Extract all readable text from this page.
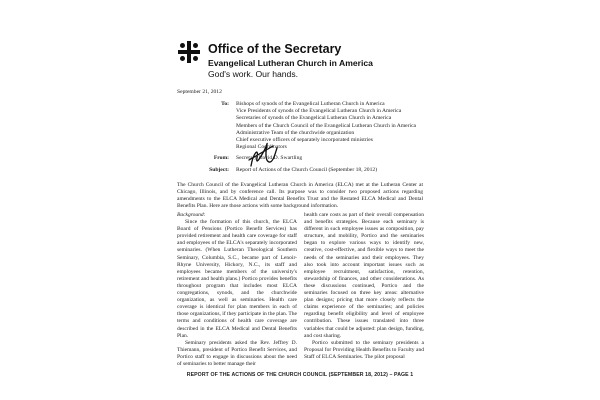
Office of the Secretary
Evangelical Lutheran Church in America
God's work. Our hands.
September 21, 2012
To: Bishops of synods of the Evangelical Lutheran Church in America
Vice Presidents of synods of the Evangelical Lutheran Church in America
Secretaries of synods of the Evangelical Lutheran Church in America
Members of the Church Council of the Evangelical Lutheran Church in America
Administrative Team of the churchwide organization
Chief executive officers of separately incorporated ministries
Regional Coordinators
From: Secretary David D. Swartling
Subject: Report of Actions of the Church Council (September 18, 2012)
The Church Council of the Evangelical Lutheran Church in America (ELCA) met at the Lutheran Center at Chicago, Illinois, and by conference call. Its purpose was to consider two proposed actions regarding amendments to the ELCA Medical and Dental Benefits Trust and the Restated ELCA Medical and Dental Benefits Plan. Here are those actions with some background information.
Background:
Since the formation of this church, the ELCA Board of Pensions (Portico Benefit Services) has provided retirement and health care coverage for staff and employees of the ELCA's separately incorporated seminaries. (When Lutheran Theological Southern Seminary, Columbia, S.C., became part of Lenoir-Rhyne University, Hickory, N.C., its staff and employees became members of the university's retirement and health plans.) Portico provides benefits throughout program that includes most ELCA congregations, synods, and the churchwide organization, as well as seminaries. Health care coverage is identical for plan members in each of those organizations, if they participate in the plan. The terms and conditions of health care coverage are described in the ELCA Medical and Dental Benefits Plan.
Seminary presidents asked the Rev. Jeffrey D. Thiemann, president of Portico Benefit Services, and Portico staff to engage in discussions about the need of seminaries to better manage their
health care costs as part of their overall compensation and benefits strategies. Because each seminary is different in such employee issues as composition, pay structure, and mobility, Portico and the seminaries began to explore various ways to identify new, creative, cost-effective, and flexible ways to meet the needs of the seminaries and their employees. They also took into account important issues such as employee recruitment, satisfaction, retention, stewardship of finances, and other considerations. As these discussions continued, Portico and the seminaries focused on three key areas: alternative plan designs; pricing that more closely reflects the claims experience of the seminaries; and policies regarding benefit eligibility and level of employee contribution. These issues translated into three variables that could be adjusted: plan design, funding, and cost sharing.
Portico submitted to the seminary presidents a Proposal for Providing Health Benefits to Faculty and Staff of ELCA Seminaries. The pilot proposal
REPORT OF THE ACTIONS OF THE CHURCH COUNCIL (SEPTEMBER 18, 2012) – PAGE 1
